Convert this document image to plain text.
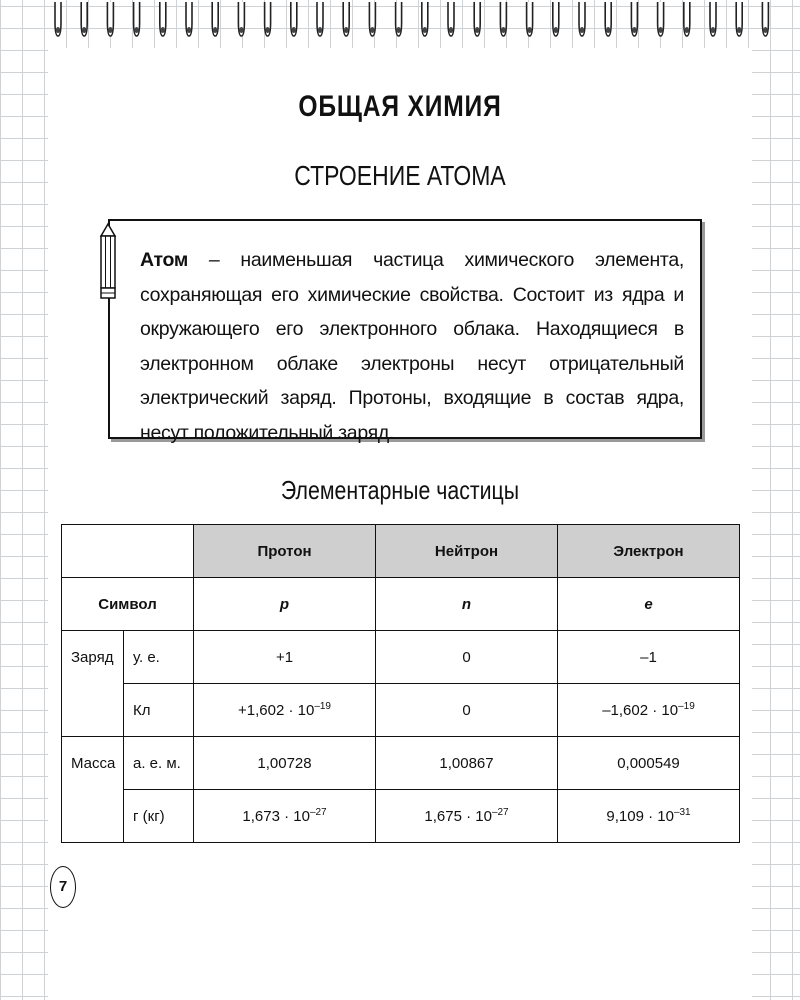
ОБЩАЯ ХИМИЯ
СТРОЕНИЕ АТОМА
Атом – наименьшая частица химического элемента, сохраняющая его химические свойства. Состоит из ядра и окружающего его электронного облака. Находящиеся в электронном облаке электроны несут отрицательный электрический заряд. Протоны, входящие в состав ядра, несут положительный заряд.
Элементарные частицы
		Протон	Нейтрон	Электрон
Символ		p	n	e
Заряд	у. е.	+1	0	–1
	Кл	$+1,602 \cdot 10^{-19}$	0	$-1,602 \cdot 10^{-19}$
Масса	а. е. м.	1,00728	1,00867	0,000549
	г (кг)	$1,673 \cdot 10^{-27}$	$1,675 \cdot 10^{-27}$	$9,109 \cdot 10^{-31}$
7
